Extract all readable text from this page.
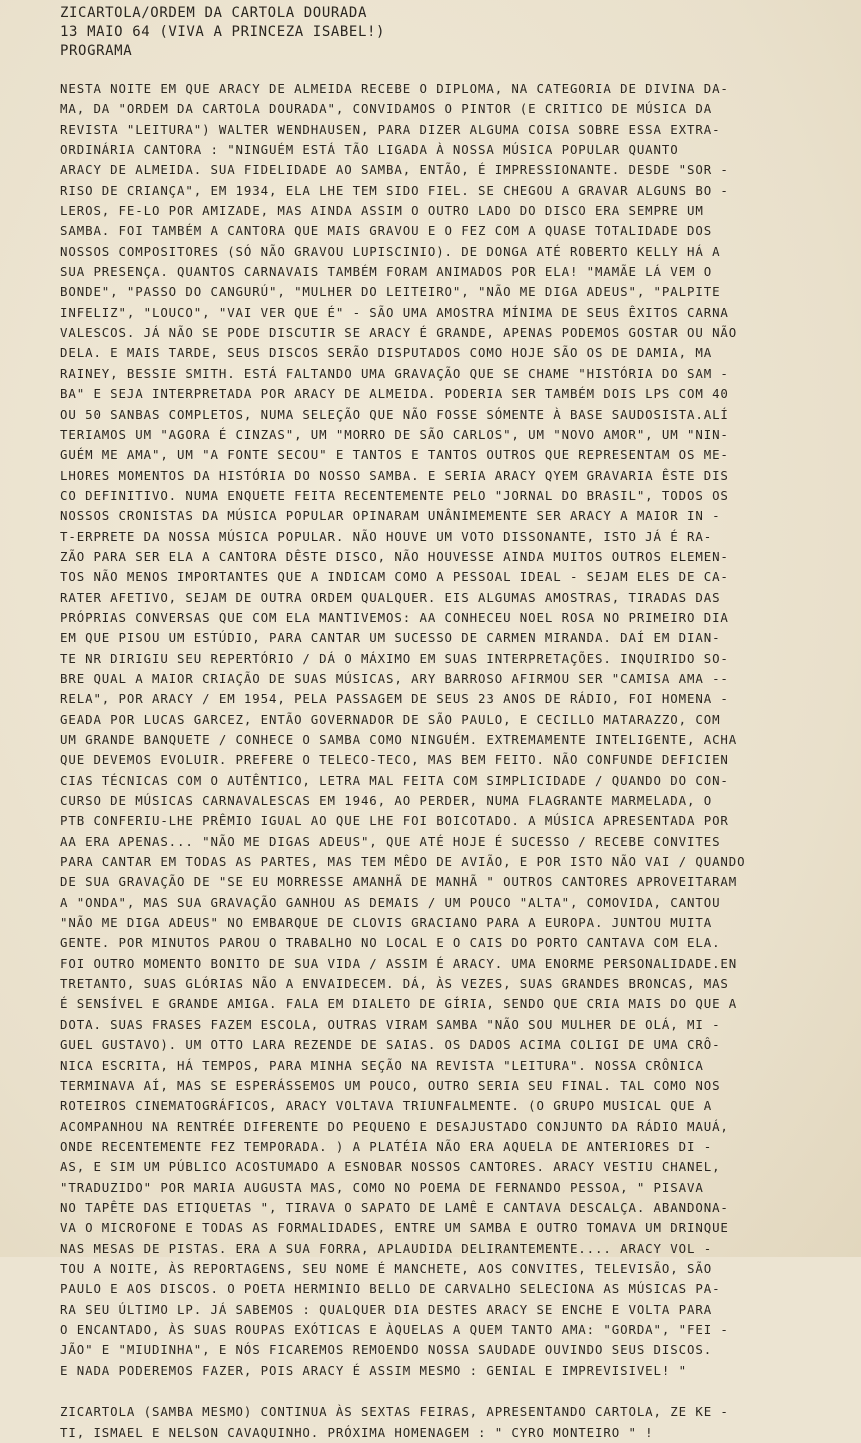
ZICARTOLA/ORDEM DA CARTOLA DOURADA
13 MAIO 64 (VIVA A PRINCEZA ISABEL!)
PROGRAMA
NESTA NOITE EM QUE ARACY DE ALMEIDA RECEBE O DIPLOMA, NA CATEGORIA DE DIVINA DA-
MA, DA "ORDEM DA CARTOLA DOURADA", CONVIDAMOS O PINTOR (E CRITICO DE MÚSICA DA
REVISTA "LEITURA") WALTER WENDHAUSEN, PARA DIZER ALGUMA COISA SOBRE ESSA EXTRA-
ORDINÁRIA CANTORA : "NINGUÉM ESTÁ TÃO LIGADA À NOSSA MÚSICA POPULAR QUANTO
ARACY DE ALMEIDA. SUA FIDELIDADE AO SAMBA, ENTÃO, É IMPRESSIONANTE. DESDE "SOR -
RISO DE CRIANÇA", EM 1934, ELA LHE TEM SIDO FIEL. SE CHEGOU A GRAVAR ALGUNS BO -
LEROS, FE-LO POR AMIZADE, MAS AINDA ASSIM O OUTRO LADO DO DISCO ERA SEMPRE UM
SAMBA. FOI TAMBÉM A CANTORA QUE MAIS GRAVOU E O FEZ COM A QUASE TOTALIDADE DOS
NOSSOS COMPOSITORES (SÓ NÃO GRAVOU LUPISCINIO). DE DONGA ATÉ ROBERTO KELLY HÁ A
SUA PRESENÇA. QUANTOS CARNAVAIS TAMBÉM FORAM ANIMADOS POR ELA! "MAMÃE LÁ VEM O
BONDE", "PASSO DO CANGURÚ", "MULHER DO LEITEIRO", "NÃO ME DIGA ADEUS", "PALPITE
INFELIZ", "LOUCO", "VAI VER QUE É" - SÃO UMA AMOSTRA MÍNIMA DE SEUS ÊXITOS CARNA
VALESCOS. JÁ NÃO SE PODE DISCUTIR SE ARACY É GRANDE, APENAS PODEMOS GOSTAR OU NÃO
DELA. E MAIS TARDE, SEUS DISCOS SERÃO DISPUTADOS COMO HOJE SÃO OS DE DAMIA, MA
RAINEY, BESSIE SMITH. ESTÁ FALTANDO UMA GRAVAÇÃO QUE SE CHAME "HISTÓRIA DO SAM -
BA" E SEJA INTERPRETADA POR ARACY DE ALMEIDA. PODERIA SER TAMBÉM DOIS LPS COM 40
OU 50 SANBAS COMPLETOS, NUMA SELEÇÃO QUE NÃO FOSSE SÓMENTE À BASE SAUDOSISTA.ALÍ
TERIAMOS UM "AGORA É CINZAS", UM "MORRO DE SÃO CARLOS", UM "NOVO AMOR", UM "NIN-
GUÉM ME AMA", UM "A FONTE SECOU" E TANTOS E TANTOS OUTROS QUE REPRESENTAM OS ME-
LHORES MOMENTOS DA HISTÓRIA DO NOSSO SAMBA. E SERIA ARACY QYEM GRAVARIA ÊSTE DIS
CO DEFINITIVO. NUMA ENQUETE FEITA RECENTEMENTE PELO "JORNAL DO BRASIL", TODOS OS
NOSSOS CRONISTAS DA MÚSICA POPULAR OPINARAM UNÂNIMEMENTE SER ARACY A MAIOR IN -
T-ERPRETE DA NOSSA MÚSICA POPULAR. NÃO HOUVE UM VOTO DISSONANTE, ISTO JÁ É RA-
ZÃO PARA SER ELA A CANTORA DÊSTE DISCO, NÃO HOUVESSE AINDA MUITOS OUTROS ELEMEN-
TOS NÃO MENOS IMPORTANTES QUE A INDICAM COMO A PESSOAL IDEAL - SEJAM ELES DE CA-
RATER AFETIVO, SEJAM DE OUTRA ORDEM QUALQUER. EIS ALGUMAS AMOSTRAS, TIRADAS DAS
PRÓPRIAS CONVERSAS QUE COM ELA MANTIVEMOS: AA CONHECEU NOEL ROSA NO PRIMEIRO DIA
EM QUE PISOU UM ESTÚDIO, PARA CANTAR UM SUCESSO DE CARMEN MIRANDA. DAÍ EM DIAN-
TE NR DIRIGIU SEU REPERTÓRIO / DÁ O MÁXIMO EM SUAS INTERPRETAÇÕES. INQUIRIDO SO-
BRE QUAL A MAIOR CRIAÇÃO DE SUAS MÚSICAS, ARY BARROSO AFIRMOU SER "CAMISA AMA --
RELA", POR ARACY / EM 1954, PELA PASSAGEM DE SEUS 23 ANOS DE RÁDIO, FOI HOMENA -
GEADA POR LUCAS GARCEZ, ENTÃO GOVERNADOR DE SÃO PAULO, E CECILLO MATARAZZO, COM
UM GRANDE BANQUETE / CONHECE O SAMBA COMO NINGUÉM. EXTREMAMENTE INTELIGENTE, ACHA
QUE DEVEMOS EVOLUIR. PREFERE O TELECO-TECO, MAS BEM FEITO. NÃO CONFUNDE DEFICIEN
CIAS TÉCNICAS COM O AUTÊNTICO, LETRA MAL FEITA COM SIMPLICIDADE / QUANDO DO CON-
CURSO DE MÚSICAS CARNAVALESCAS EM 1946, AO PERDER, NUMA FLAGRANTE MARMELADA, O
PTB CONFERIU-LHE PRÊMIO IGUAL AO QUE LHE FOI BOICOTADO. A MÚSICA APRESENTADA POR
AA ERA APENAS... "NÃO ME DIGAS ADEUS", QUE ATÉ HOJE É SUCESSO / RECEBE CONVITES
PARA CANTAR EM TODAS AS PARTES, MAS TEM MÊDO DE AVIÃO, E POR ISTO NÃO VAI / QUANDO
DE SUA GRAVAÇÃO DE "SE EU MORRESSE AMANHÃ DE MANHÃ " OUTROS CANTORES APROVEITARAM
A "ONDA", MAS SUA GRAVAÇÃO GANHOU AS DEMAIS / UM POUCO "ALTA", COMOVIDA, CANTOU
"NÃO ME DIGA ADEUS" NO EMBARQUE DE CLOVIS GRACIANO PARA A EUROPA. JUNTOU MUITA
GENTE. POR MINUTOS PAROU O TRABALHO NO LOCAL E O CAIS DO PORTO CANTAVA COM ELA.
FOI OUTRO MOMENTO BONITO DE SUA VIDA / ASSIM É ARACY. UMA ENORME PERSONALIDADE.EN
TRETANTO, SUAS GLÓRIAS NÃO A ENVAIDECEM. DÁ, ÀS VEZES, SUAS GRANDES BRONCAS, MAS
É SENSÍVEL E GRANDE AMIGA. FALA EM DIALETO DE GÍRIA, SENDO QUE CRIA MAIS DO QUE A
DOTA. SUAS FRASES FAZEM ESCOLA, OUTRAS VIRAM SAMBA "NÃO SOU MULHER DE OLÁ, MI -
GUEL GUSTAVO). UM OTTO LARA REZENDE DE SAIAS. OS DADOS ACIMA COLIGI DE UMA CRÔ-
NICA ESCRITA, HÁ TEMPOS, PARA MINHA SEÇÃO NA REVISTA "LEITURA". NOSSA CRÔNICA
TERMINAVA AÍ, MAS SE ESPERÁSSEMOS UM POUCO, OUTRO SERIA SEU FINAL. TAL COMO NOS
ROTEIROS CINEMATOGRÁFICOS, ARACY VOLTAVA TRIUNFALMENTE. (O GRUPO MUSICAL QUE A
ACOMPANHOU NA RENTRÉE DIFERENTE DO PEQUENO E DESAJUSTADO CONJUNTO DA RÁDIO MAUÁ,
ONDE RECENTEMENTE FEZ TEMPORADA. ) A PLATÉIA NÃO ERA AQUELA DE ANTERIORES DI -
AS, E SIM UM PÚBLICO ACOSTUMADO A ESNOBAR NOSSOS CANTORES. ARACY VESTIU CHANEL,
"TRADUZIDO" POR MARIA AUGUSTA MAS, COMO NO POEMA DE FERNANDO PESSOA, " PISAVA
NO TAPÊTE DAS ETIQUETAS ", TIRAVA O SAPATO DE LAMÊ E CANTAVA DESCALÇA. ABANDONA-
VA O MICROFONE E TODAS AS FORMALIDADES, ENTRE UM SAMBA E OUTRO TOMAVA UM DRINQUE
NAS MESAS DE PISTAS. ERA A SUA FORRA, APLAUDIDA DELIRANTEMENTE.... ARACY VOL -
TOU A NOITE, ÀS REPORTAGENS, SEU NOME É MANCHETE, AOS CONVITES, TELEVISÃO, SÃO
PAULO E AOS DISCOS. O POETA HERMINIO BELLO DE CARVALHO SELECIONA AS MÚSICAS PA-
RA SEU ÚLTIMO LP. JÁ SABEMOS : QUALQUER DIA DESTES ARACY SE ENCHE E VOLTA PARA
O ENCANTADO, ÀS SUAS ROUPAS EXÓTICAS E ÀQUELAS A QUEM TANTO AMA: "GORDA", "FEI -
JÃO" E "MIUDINHA", E NÓS FICAREMOS REMOENDO NOSSA SAUDADE OUVINDO SEUS DISCOS.
E NADA PODEREMOS FAZER, POIS ARACY É ASSIM MESMO : GENIAL E IMPREVISIVEL! "
ZICARTOLA (SAMBA MESMO) CONTINUA ÀS SEXTAS FEIRAS, APRESENTANDO CARTOLA, ZE KE -
TI, ISMAEL E NELSON CAVAQUINHO. PRÓXIMA HOMENAGEM : " CYRO MONTEIRO " !
